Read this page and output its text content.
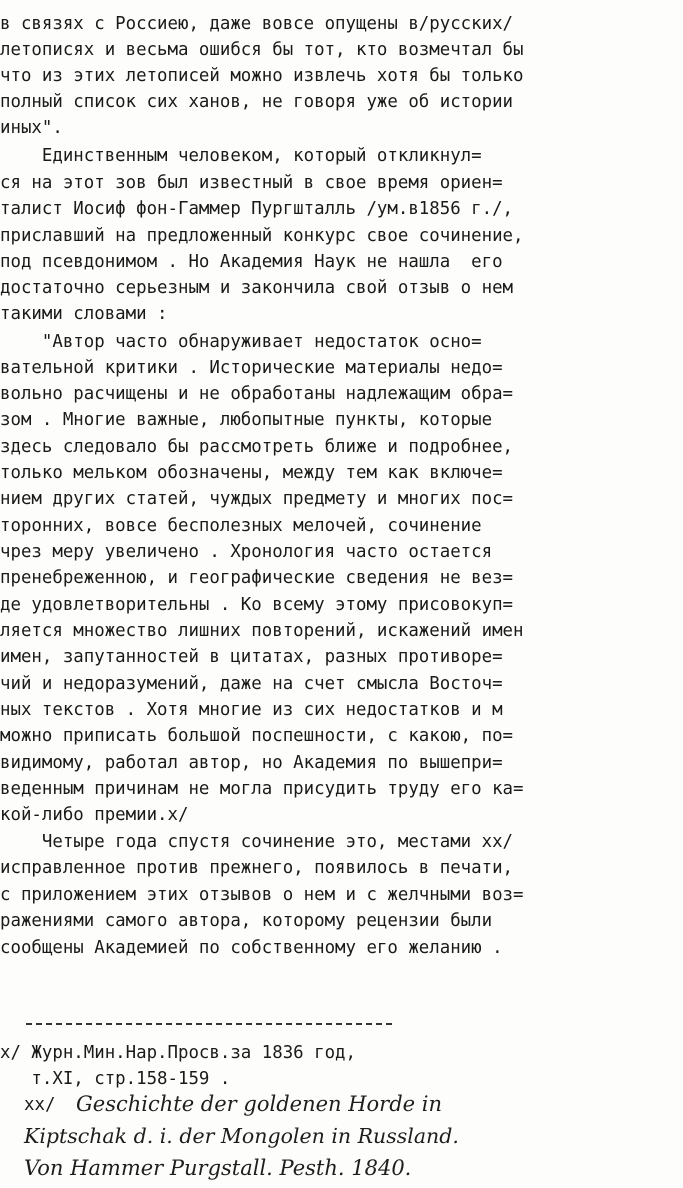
в связях с Россиею, даже вовсе опущены в/русских/

летописях и весьма ошибся бы тот, кто возмечтал бы

что из этих летописей можно извлечь хотя бы только

полный список сих ханов, не говоря уже об истории

иных".

Единственным человеком, который откликнул=

ся на этот зов был известный в свое время ориен=

талист Иосиф фон-Гаммер Пургшталль /ум.в1856 г./,

приславший на предложенный конкурс свое сочинение,

под псевдонимом . Но Академия Наук не нашла  его

достаточно серьезным и закончила свой отзыв о нем

такими словами :

"Автор часто обнаруживает недостаток осно=

вательной критики . Исторические материалы недо=

вольно расчищены и не обработаны надлежащим обра=

зом . Многие важные, любопытные пункты, которые

здесь следовало бы рассмотреть ближе и подробнее,

только мельком обозначены, между тем как включе=

нием других статей, чуждых предмету и многих пос=

торонних, вовсе бесполезных мелочей, сочинение

чрез меру увеличено . Хронология часто остается

пренебреженною, и географические сведения не вез=

де удовлетворительны . Ко всему этому присовокуп=

ляется множество лишних повторений, искажений имен

имен, запутанностей в цитатах, разных противоре=

чий и недоразумений, даже на счет смысла Восточ=

ных текстов . Хотя многие из сих недостатков и м

можно приписать большой поспешности, с какою, по=

видимому, работал автор, но Академия по вышепри=

веденным причинам не могла присудить труду его ка=

кой-либо премии.x/

Четыре года спустя сочинение это, местами xx/

исправленное против прежнего, появилось в печати,

с приложением этих отзывов о нем и с желчными воз=

ражениями самого автора, которому рецензии были

сообщены Академией по собственному его желанию .

x/ Журн.Мин.Нар.Просв.за 1836 год,

т.XI, стр.158-159 .

xx/

Geschichte der goldenen Horde in
Kiptschak d. i. der Mongolen in Russland.
Von Hammer Purgstall. Pesth. 1840.
